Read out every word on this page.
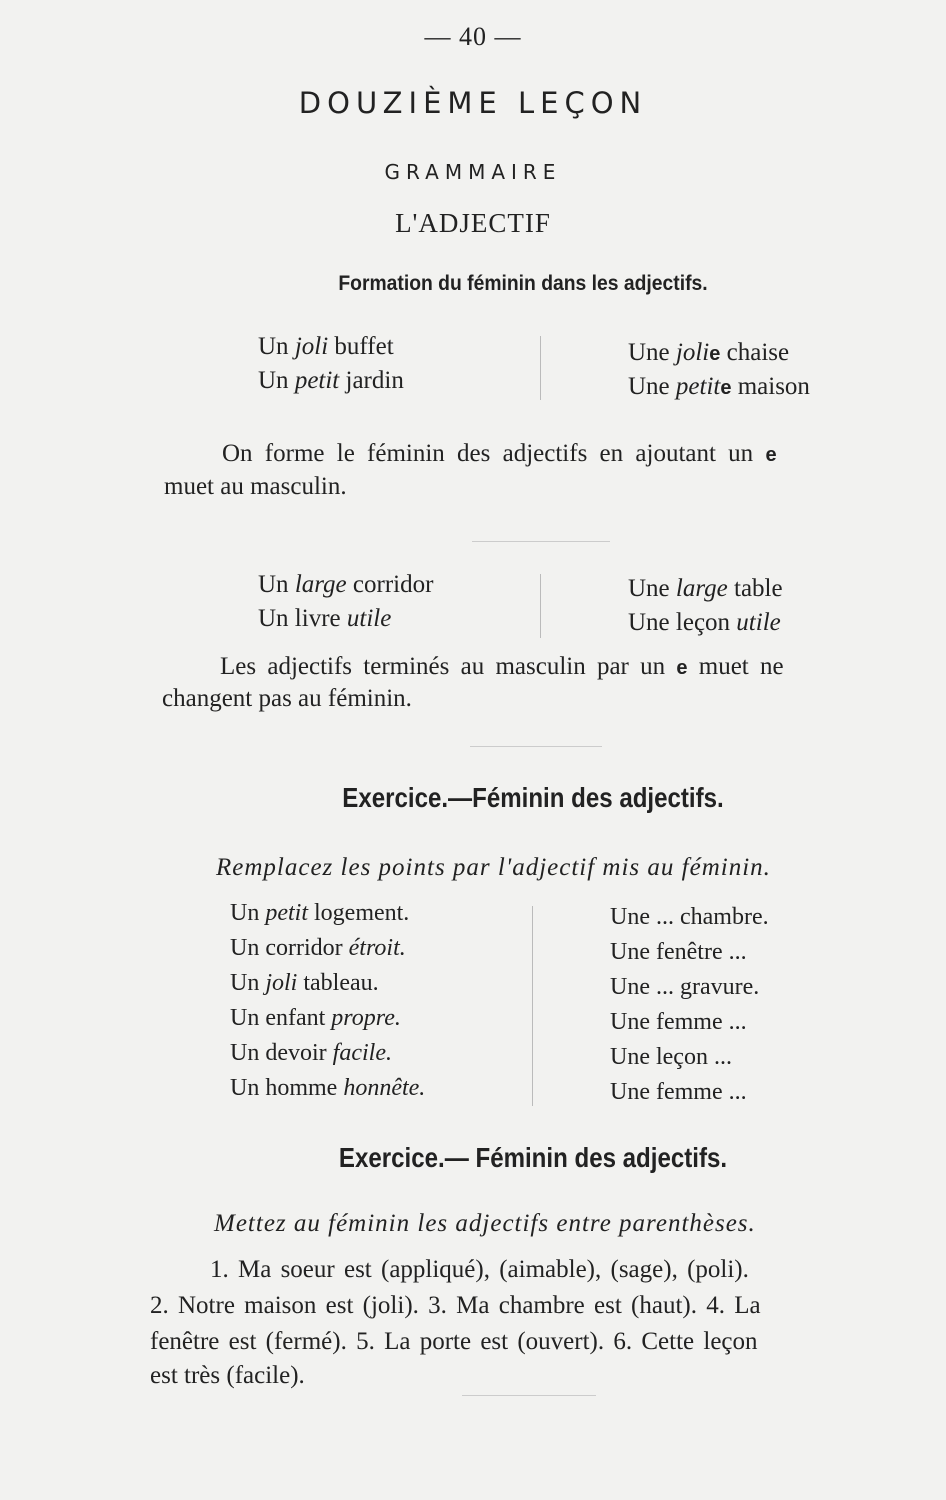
— 40 —
DOUZIÈME LEÇON
GRAMMAIRE
L'ADJECTIF
Formation du féminin dans les adjectifs.
Un joli buffet
Un petit jardin
Une jolie chaise
Une petite maison
On forme le féminin des adjectifs en ajoutant un e
muet au masculin.
Un large corridor
Un livre utile
Une large table
Une leçon utile
Les adjectifs terminés au masculin par un e muet ne
changent pas au féminin.
Exercice.—Féminin des adjectifs.
Remplacez les points par l'adjectif mis au féminin.
Un petit logement.
Un corridor étroit.
Un joli tableau.
Un enfant propre.
Un devoir facile.
Un homme honnête.
Une ... chambre.
Une fenêtre ...
Une ... gravure.
Une femme ...
Une leçon ...
Une femme ...
Exercice.— Féminin des adjectifs.
Mettez au féminin les adjectifs entre parenthèses.
1. Ma soeur est (appliqué), (aimable), (sage), (poli).
2. Notre maison est (joli). 3. Ma chambre est (haut). 4. La
fenêtre est (fermé). 5. La porte est (ouvert). 6. Cette leçon
est très (facile).
